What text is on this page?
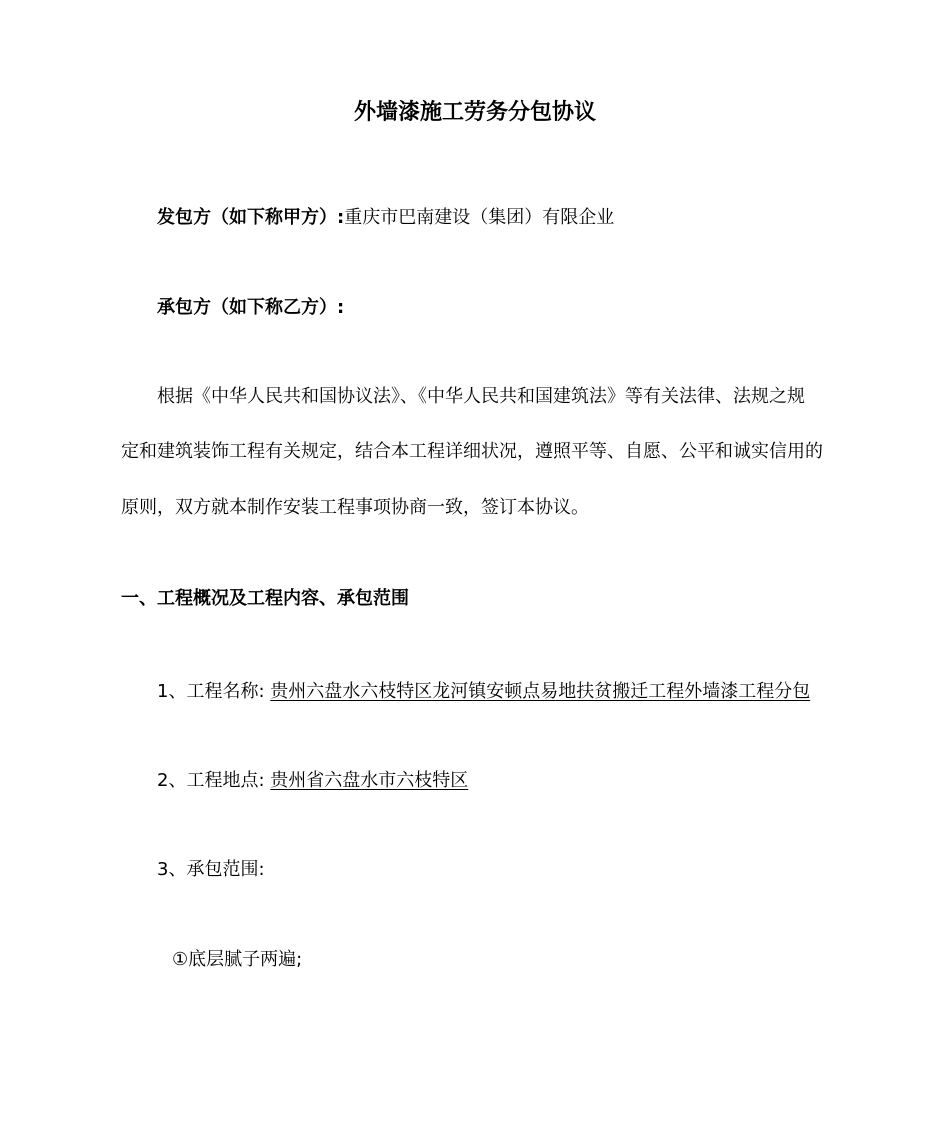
外墙漆施工劳务分包协议
发包方（如下称甲方）:重庆市巴南建设（集团）有限企业
承包方（如下称乙方）:
根据《中华人民共和国协议法》、《中华人民共和国建筑法》等有关法律、法规之规
定和建筑装饰工程有关规定，结合本工程详细状况，遵照平等、自愿、公平和诚实信用的
原则，双方就本制作安装工程事项协商一致，签订本协议。
一、工程概况及工程内容、承包范围
1、工程名称: 贵州六盘水六枝特区龙河镇安顿点易地扶贫搬迁工程外墙漆工程分包
2、工程地点: 贵州省六盘水市六枝特区
3、承包范围:
①底层腻子两遍;
